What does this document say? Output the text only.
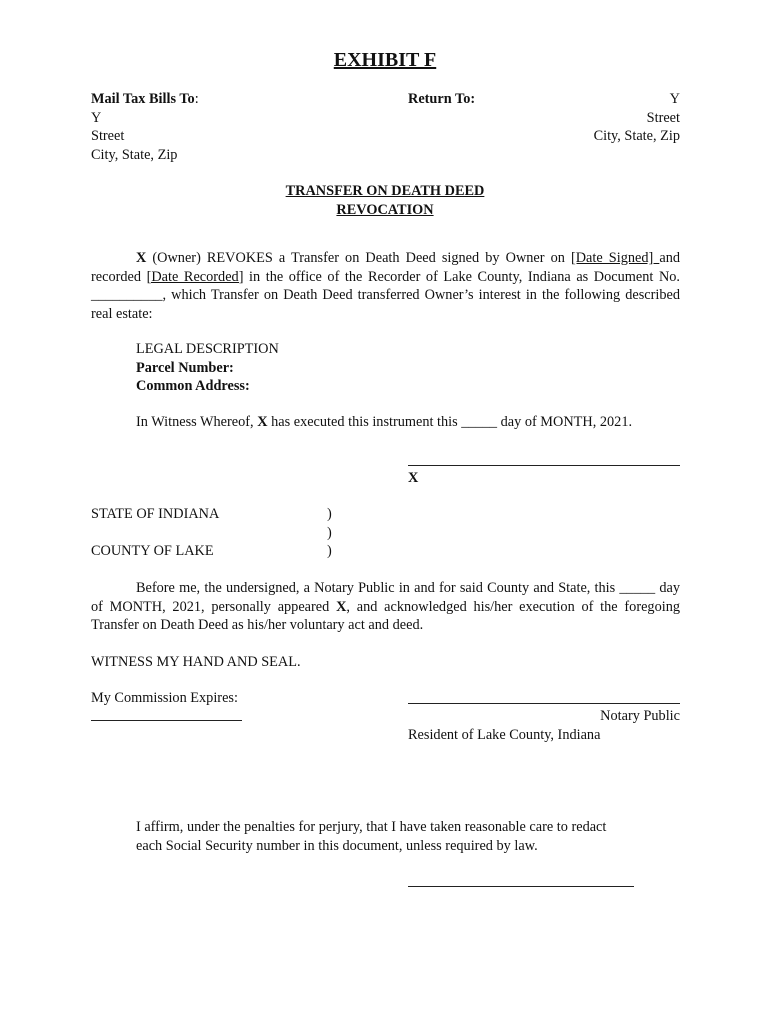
EXHIBIT F
Mail Tax Bills To:
Y
Street
City, State, Zip
Return To:	Y
Street
City, State, Zip
TRANSFER ON DEATH DEED
REVOCATION
X (Owner) REVOKES a Transfer on Death Deed signed by Owner on [Date Signed] and recorded [Date Recorded] in the office of the Recorder of Lake County, Indiana as Document No. __________, which Transfer on Death Deed transferred Owner’s interest in the following described real estate:
LEGAL DESCRIPTION
Parcel Number:
Common Address:
In Witness Whereof, X has executed this instrument this _____ day of MONTH, 2021.
X
STATE OF INDIANA	)
)
COUNTY OF LAKE	)
Before me, the undersigned, a Notary Public in and for said County and State, this _____ day of MONTH, 2021, personally appeared X, and acknowledged his/her execution of the foregoing Transfer on Death Deed as his/her voluntary act and deed.
WITNESS MY HAND AND SEAL.
My Commission Expires:
Notary Public
Resident of Lake County, Indiana
I affirm, under the penalties for perjury, that I have taken reasonable care to redact
each Social Security number in this document, unless required by law.
